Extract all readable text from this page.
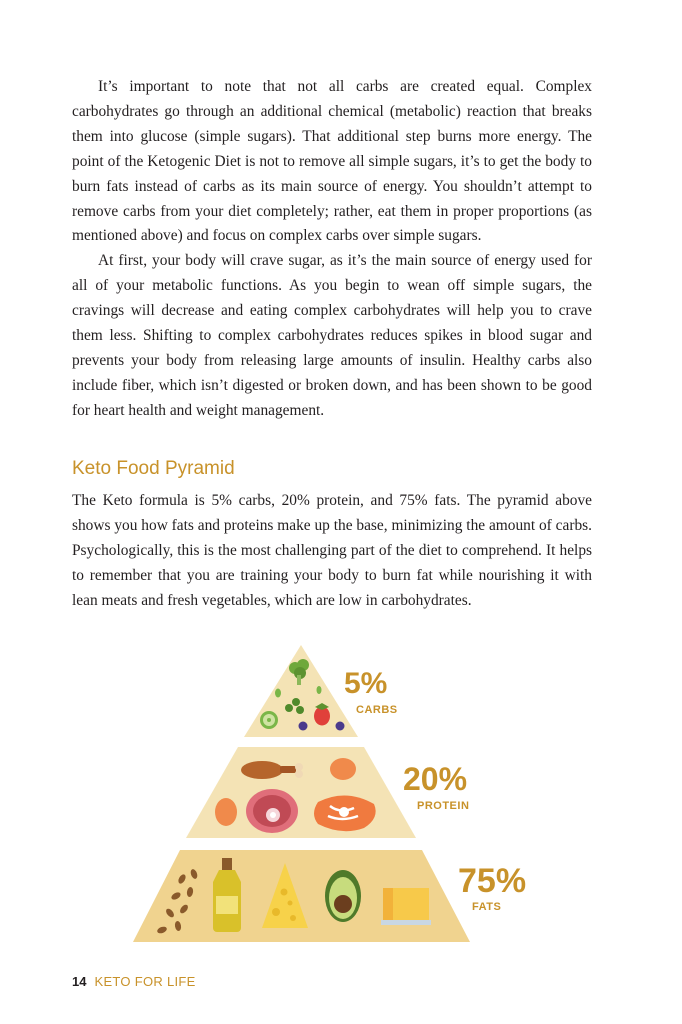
It’s important to note that not all carbs are created equal. Complex carbohydrates go through an additional chemical (metabolic) reaction that breaks them into glucose (simple sugars). That additional step burns more energy. The point of the Ketogenic Diet is not to remove all simple sugars, it’s to get the body to burn fats instead of carbs as its main source of energy. You shouldn’t attempt to remove carbs from your diet completely; rather, eat them in proper proportions (as mentioned above) and focus on complex carbs over simple sugars.

At first, your body will crave sugar, as it’s the main source of energy used for all of your metabolic functions. As you begin to wean off simple sugars, the cravings will decrease and eating complex carbohydrates will help you to crave them less. Shifting to complex carbohydrates reduces spikes in blood sugar and prevents your body from releasing large amounts of insulin. Healthy carbs also include fiber, which isn’t digested or broken down, and has been shown to be good for heart health and weight management.

Keto Food Pyramid

The Keto formula is 5% carbs, 20% protein, and 75% fats. The pyramid above shows you how fats and proteins make up the base, minimizing the amount of carbs. Psychologically, this is the most challenging part of the diet to comprehend. It helps to remember that you are training your body to burn fat while nourishing it with lean meats and fresh vegetables, which are low in carbohydrates.

5%
CARBS
20%
PROTEIN
75%
FATS
14 KETO FOR LIFE
